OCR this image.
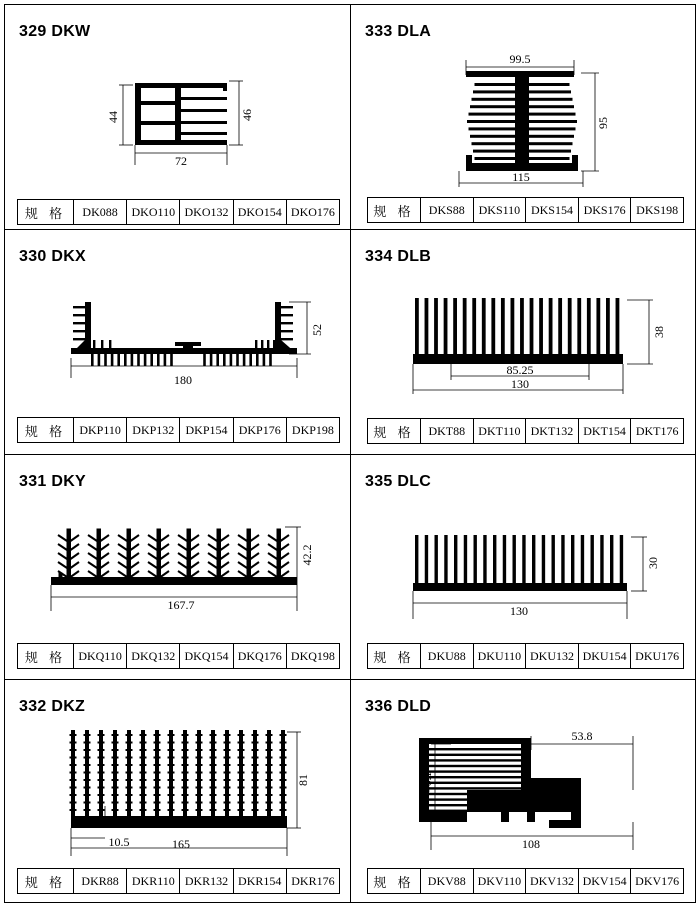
329 DKW
44	46
72
规 格	DK088	DKO110 DKO132 DKO154 DKO176
333 DLA
99.5
95
115
规 格	DKS88	DKS110 DKS154 DKS176 DKS198
330 DKX
52
180
规 格	DKP110 DKP132 DKP154 DKP176 DKP198
334 DLB
38
85.25
130
规 格	DKT88	DKT110 DKT132 DKT154 DKT176
331 DKY
42.2
167.7
规 格	DKQ110 DKQ132 DKQ154 DKQ176 DKQ198
335 DLC
30
130
规 格	DKU88 DKU110 DKU132 DKU154 DKU176
332 DKZ
81
10.5	165
规 格	DKR88	DKR110 DKR132 DKR154 DKR176
336 DLD
53.8
46.1
108
规 格	DKV88 DKV110 DKV132 DKV154 DKV176
